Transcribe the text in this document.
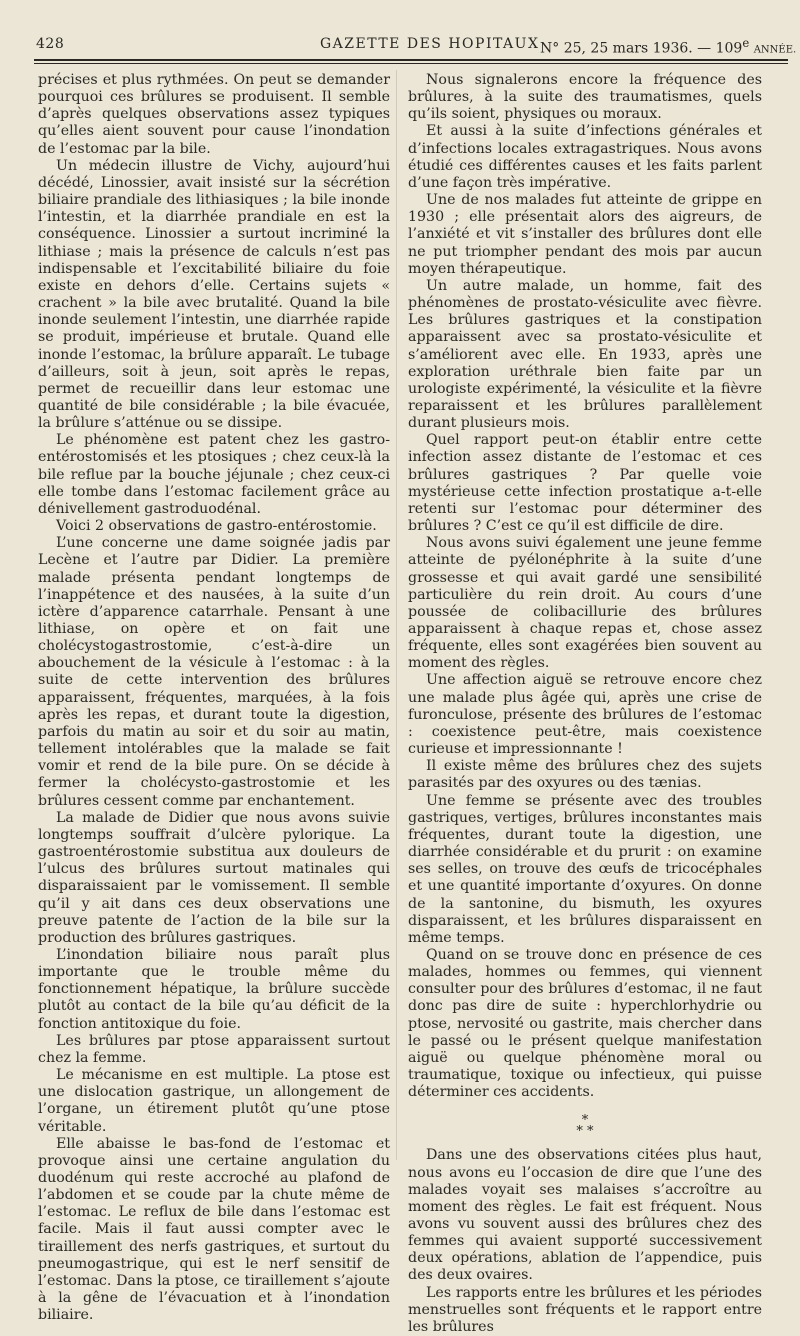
428	GAZETTE DES HOPITAUX N° 25, 25 mars 1936. — 109e ANNÉE.

précises et plus rythmées. On peut se demander pourquoi ces brûlures se produisent. Il semble d’après quelques observations assez typiques qu’elles aient souvent pour cause l’inondation de l’estomac par la bile.

Un médecin illustre de Vichy, aujourd’hui décédé, Linossier, avait insisté sur la sécrétion biliaire prandiale des lithiasiques ; la bile inonde l’intestin, et la diarrhée prandiale en est la conséquence. Linossier a surtout incriminé la lithiase ; mais la présence de calculs n’est pas indispensable et l’excitabilité biliaire du foie existe en dehors d’elle. Certains sujets « crachent » la bile avec brutalité. Quand la bile inonde seulement l’intestin, une diarrhée rapide se produit, impérieuse et brutale. Quand elle inonde l’estomac, la brûlure apparaît. Le tubage d’ailleurs, soit à jeun, soit après le repas, permet de recueillir dans leur estomac une quantité de bile considérable ; la bile évacuée, la brûlure s’atténue ou se dissipe.

Le phénomène est patent chez les gastro-entérostomisés et les ptosiques ; chez ceux-là la bile reflue par la bouche jéjunale ; chez ceux-ci elle tombe dans l’estomac facilement grâce au dénivellement gastroduodénal.

Voici 2 observations de gastro-entérostomie.

L’une concerne une dame soignée jadis par Lecène et l’autre par Didier. La première malade présenta pendant longtemps de l’inappétence et des nausées, à la suite d’un ictère d’apparence catarrhale. Pensant à une lithiase, on opère et on fait une cholécystogastrostomie, c’est-à-dire un abouchement de la vésicule à l’estomac : à la suite de cette intervention des brûlures apparaissent, fréquentes, marquées, à la fois après les repas, et durant toute la digestion, parfois du matin au soir et du soir au matin, tellement intolérables que la malade se fait vomir et rend de la bile pure. On se décide à fermer la cholécysto-gastrostomie et les brûlures cessent comme par enchantement.

La malade de Didier que nous avons suivie longtemps souffrait d’ulcère pylorique. La gastroentérostomie substitua aux douleurs de l’ulcus des brûlures surtout matinales qui disparaissaient par le vomissement. Il semble qu’il y ait dans ces deux observations une preuve patente de l’action de la bile sur la production des brûlures gastriques.

L’inondation biliaire nous paraît plus importante que le trouble même du fonctionnement hépatique, la brûlure succède plutôt au contact de la bile qu’au déficit de la fonction antitoxique du foie.

Les brûlures par ptose apparaissent surtout chez la femme.

Le mécanisme en est multiple. La ptose est une dislocation gastrique, un allongement de l’organe, un étirement plutôt qu’une ptose véritable.

Elle abaisse le bas-fond de l’estomac et provoque ainsi une certaine angulation du duodénum qui reste accroché au plafond de l’abdomen et se coude par la chute même de l’estomac. Le reflux de bile dans l’estomac est facile. Mais il faut aussi compter avec le tiraillement des nerfs gastriques, et surtout du pneumogastrique, qui est le nerf sensitif de l’estomac. Dans la ptose, ce tiraillement s’ajoute à la gêne de l’évacuation et à l’inondation biliaire.

Nous signalerons encore la fréquence des brûlures, à la suite des traumatismes, quels qu’ils soient, physiques ou moraux.

Et aussi à la suite d’infections générales et d’infections locales extragastriques. Nous avons étudié ces différentes causes et les faits parlent d’une façon très impérative.

Une de nos malades fut atteinte de grippe en 1930 ; elle présentait alors des aigreurs, de l’anxiété et vit s’installer des brûlures dont elle ne put triompher pendant des mois par aucun moyen thérapeutique.

Un autre malade, un homme, fait des phénomènes de prostato-vésiculite avec fièvre. Les brûlures gastriques et la constipation apparaissent avec sa prostato-vésiculite et s’améliorent avec elle. En 1933, après une exploration uréthrale bien faite par un urologiste expérimenté, la vésiculite et la fièvre reparaissent et les brûlures parallèlement durant plusieurs mois.

Quel rapport peut-on établir entre cette infection assez distante de l’estomac et ces brûlures gastriques ? Par quelle voie mystérieuse cette infection prostatique a-t-elle retenti sur l’estomac pour déterminer des brûlures ? C’est ce qu’il est difficile de dire.

Nous avons suivi également une jeune femme atteinte de pyélonéphrite à la suite d’une grossesse et qui avait gardé une sensibilité particulière du rein droit. Au cours d’une poussée de colibacillurie des brûlures apparaissent à chaque repas et, chose assez fréquente, elles sont exagérées bien souvent au moment des règles.

Une affection aiguë se retrouve encore chez une malade plus âgée qui, après une crise de furonculose, présente des brûlures de l’estomac : coexistence peut-être, mais coexistence curieuse et impressionnante !

Il existe même des brûlures chez des sujets parasités par des oxyures ou des tænias.

Une femme se présente avec des troubles gastriques, vertiges, brûlures inconstantes mais fréquentes, durant toute la digestion, une diarrhée considérable et du prurit : on examine ses selles, on trouve des œufs de tricocéphales et une quantité importante d’oxyures. On donne de la santonine, du bismuth, les oxyures disparaissent, et les brûlures disparaissent en même temps.

Quand on se trouve donc en présence de ces malades, hommes ou femmes, qui viennent consulter pour des brûlures d’estomac, il ne faut donc pas dire de suite : hyperchlorhydrie ou ptose, nervosité ou gastrite, mais chercher dans le passé ou le présent quelque manifestation aiguë ou quelque phénomène moral ou traumatique, toxique ou infectieux, qui puisse déterminer ces accidents.

*
* *

Dans une des observations citées plus haut, nous avons eu l’occasion de dire que l’une des malades voyait ses malaises s’accroître au moment des règles. Le fait est fréquent. Nous avons vu souvent aussi des brûlures chez des femmes qui avaient supporté successivement deux opérations, ablation de l’appendice, puis des deux ovaires.

Les rapports entre les brûlures et les périodes menstruelles sont fréquents et le rapport entre les brûlures
